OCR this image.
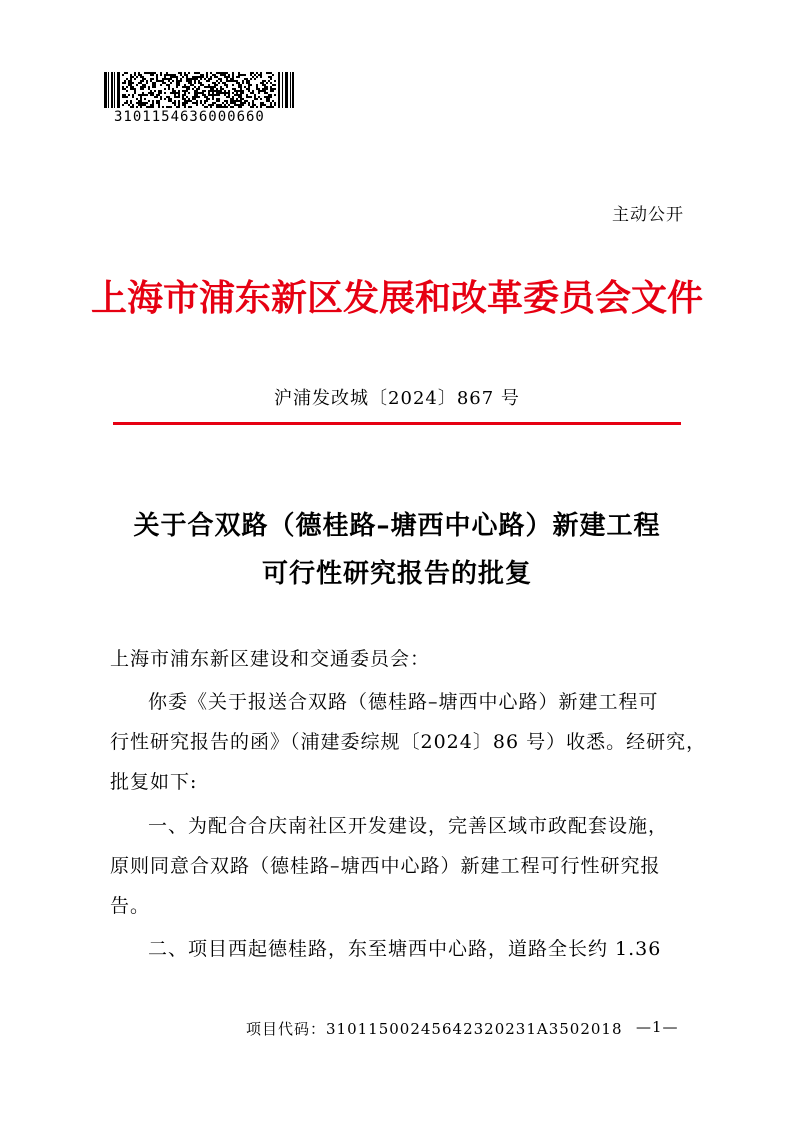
3101154636000660
主动公开
上海市浦东新区发展和改革委员会文件
沪浦发改城〔2024〕867 号
关于合双路（德桂路–塘西中心路）新建工程
可行性研究报告的批复
上海市浦东新区建设和交通委员会：
你委《关于报送合双路（德桂路–塘西中心路）新建工程可
行性研究报告的函》（浦建委综规〔2024〕86 号）收悉。经研究，
批复如下:
一、为配合合庆南社区开发建设，完善区域市政配套设施，
原则同意合双路（德桂路–塘西中心路）新建工程可行性研究报
告。
二、项目西起德桂路，东至塘西中心路，道路全长约 1.36
项目代码：310115002456423202​31A3502018 —1—
